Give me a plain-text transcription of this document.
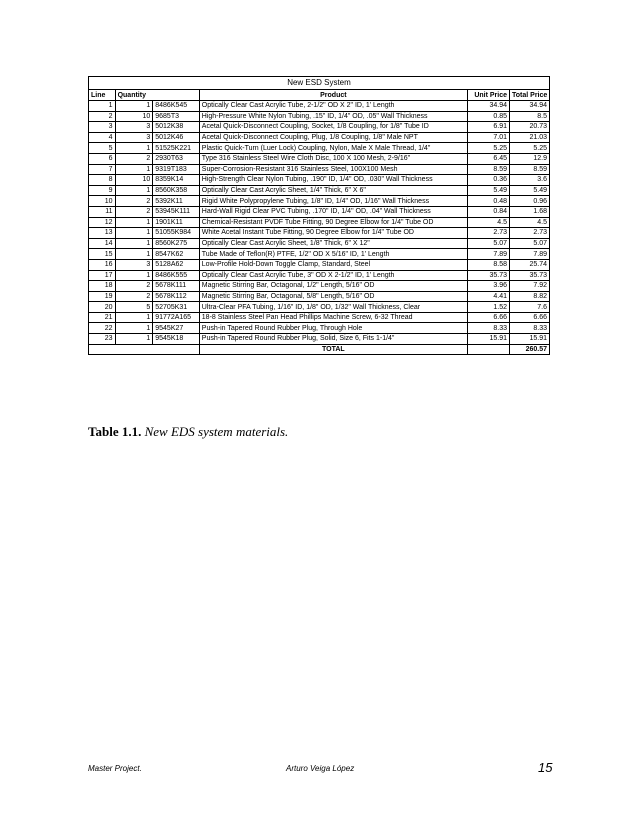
New ESD System					
Line	Quantity		Product	Unit Price	Total Price
1	1	8486K545	Optically Clear Cast Acrylic Tube, 2-1/2" OD X 2" ID, 1' Length	34.94	34.94
2	10	9685T3	High-Pressure White Nylon Tubing, .15" ID, 1/4" OD, .05" Wall Thickness	0.85	8.5
3	3	5012K38	Acetal Quick-Disconnect Coupling, Socket, 1/8 Coupling, for 1/8" Tube ID	6.91	20.73
4	3	5012K46	Acetal Quick-Disconnect Coupling, Plug, 1/8 Coupling, 1/8" Male NPT	7.01	21.03
5	1	51525K221	Plastic Quick-Turn (Luer Lock) Coupling, Nylon, Male X Male Thread, 1/4"	5.25	5.25
6	2	2930T63	Type 316 Stainless Steel Wire Cloth Disc, 100 X 100 Mesh, 2-9/16"	6.45	12.9
7	1	9319T183	Super-Corrosion-Resistant 316 Stainless Steel, 100X100 Mesh	8.59	8.59
8	10	8359K14	High-Strength Clear Nylon Tubing, .190" ID, 1/4" OD, .030" Wall Thickness	0.36	3.6
9	1	8560K358	Optically Clear Cast Acrylic Sheet, 1/4" Thick, 6" X 6"	5.49	5.49
10	2	5392K11	Rigid White Polypropylene Tubing, 1/8" ID, 1/4" OD, 1/16" Wall Thickness	0.48	0.96
11	2	53945K111	Hard-Wall Rigid Clear PVC Tubing, .170" ID, 1/4" OD, .04" Wall Thickness	0.84	1.68
12	1	1901K11	Chemical-Resistant PVDF Tube Fitting, 90 Degree Elbow for 1/4" Tube OD	4.5	4.5
13	1	51055K984	White Acetal Instant Tube Fitting, 90 Degree Elbow for 1/4" Tube OD	2.73	2.73
14	1	8560K275	Optically Clear Cast Acrylic Sheet, 1/8" Thick, 6" X 12"	5.07	5.07
15	1	8547K62	Tube Made of Teflon(R) PTFE, 1/2" OD X 5/16" ID, 1' Length	7.89	7.89
16	3	5128A62	Low-Profile Hold-Down Toggle Clamp, Standard, Steel	8.58	25.74
17	1	8486K555	Optically Clear Cast Acrylic Tube, 3" OD X 2-1/2" ID, 1' Length	35.73	35.73
18	2	5678K111	Magnetic Stirring Bar, Octagonal, 1/2" Length, 5/16" OD	3.96	7.92
19	2	5678K112	Magnetic Stirring Bar, Octagonal, 5/8" Length, 5/16" OD	4.41	8.82
20	5	52705K31	Ultra-Clear PFA Tubing, 1/16" ID, 1/8" OD, 1/32" Wall Thickness, Clear	1.52	7.6
21	1	91772A165	18-8 Stainless Steel Pan Head Phillips Machine Screw, 6-32 Thread	6.66	6.66
22	1	9545K27	Push-in Tapered Round Rubber Plug, Through Hole	8.33	8.33
23	1	9545K18	Push-in Tapered Round Rubber Plug, Solid, Size 6, Fits 1-1/4"	15.91	15.91
			TOTAL		260.57
Table 1.1. New EDS system materials.
Master Project.	Arturo Veiga López	15
